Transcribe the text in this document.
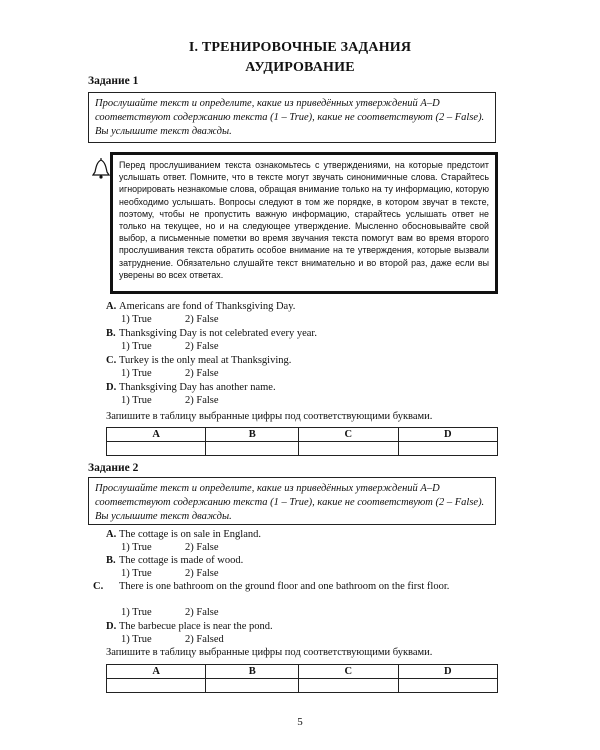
I. ТРЕНИРОВОЧНЫЕ ЗАДАНИЯ
АУДИРОВАНИЕ
Задание 1
Прослушайте текст и определите, какие из приведённых утверждений A–D соответствуют содержанию текста (1 – True), какие не соответствуют (2 – False). Вы услышите текст дважды.
Перед прослушиванием текста ознакомьтесь с утверждениями, на которые предстоит услышать ответ. Помните, что в тексте могут звучать синонимичные слова. Старайтесь игнорировать незнакомые слова, обращая внимание только на ту информацию, которую необходимо услышать. Вопросы следуют в том же порядке, в котором звучат в тексте, поэтому, чтобы не пропустить важную информацию, старайтесь услышать ответ не только на текущее, но и на следующее утверждение. Мысленно обосновывайте свой выбор, а письменные пометки во время звучания текста помогут вам во время второго прослушивания текста обратить особое внимание на те утверждения, которые вызвали затруднение. Обязательно слушайте текст внимательно и во второй раз, даже если вы уверены во всех ответах.
A. Americans are fond of Thanksgiving Day.
1) True	2) False
B. Thanksgiving Day is not celebrated every year.
1) True	2) False
C. Turkey is the only meal at Thanksgiving.
1) True	2) False
D. Thanksgiving Day has another name.
1) True	2) False
Запишите в таблицу выбранные цифры под соответствующими буквами.
A	B	C	D

Задание 2
Прослушайте текст и определите, какие из приведённых утверждений A–D соответствуют содержанию текста (1 – True), какие не соответствуют (2 – False). Вы услышите текст дважды.
A. The cottage is on sale in England.
1) True	2) False
B. The cottage is made of wood.
1) True	2) False
C. There is one bathroom on the ground floor and one bathroom on the first floor.
1) True	2) False
D. The barbecue place is near the pond.
1) True	2) Falsed
Запишите в таблицу выбранные цифры под соответствующими буквами.
A	B	C	D

5
